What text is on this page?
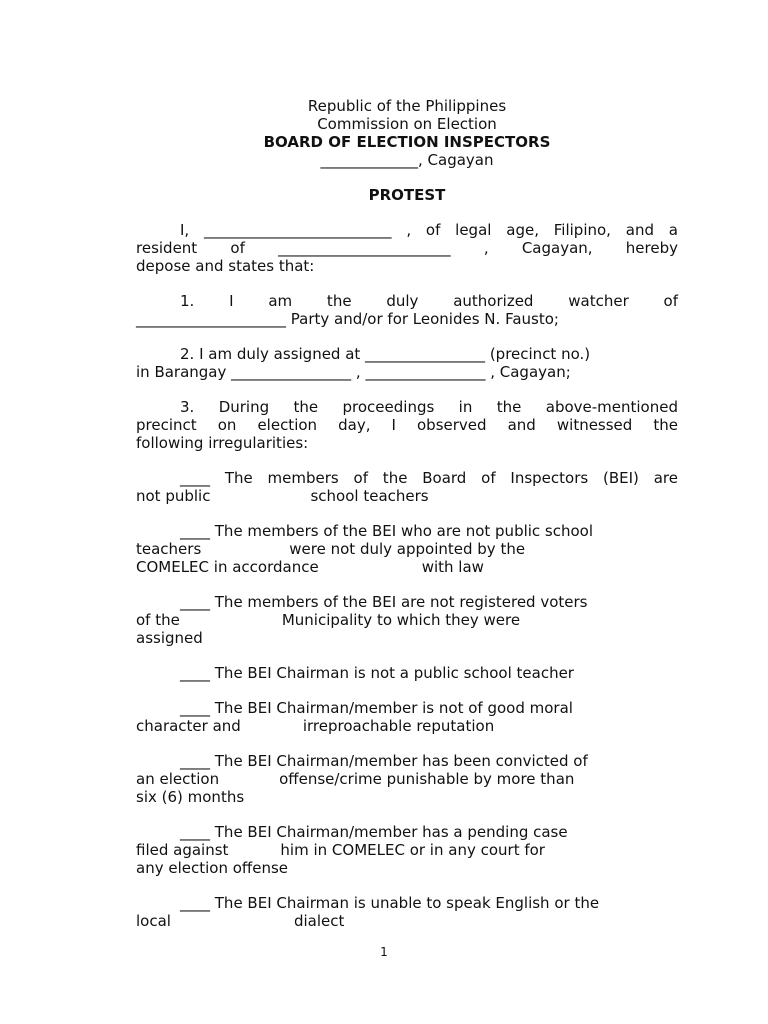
Republic of the Philippines

Commission on Election

BOARD OF ELECTION INSPECTORS

_____________, Cagayan

PROTEST

I, _________________________ , of legal age, Filipino, and a

resident of _______________________ , Cagayan, hereby

depose and states that:

1. I am the duly authorized watcher of

____________________ Party and/or for Leonides N. Fausto;

2. I am duly assigned at ________________ (precinct no.)

in Barangay ________________ , ________________ , Cagayan;

3. During the proceedings in the above-mentioned

precinct on election day, I observed and witnessed the

following irregularities:

____ The members of the Board of Inspectors (BEI) are

not public	school teachers

____ The members of the BEI who are not public school

teachers	were not duly appointed by the

COMELEC in accordance	with law

____ The members of the BEI are not registered voters

of the	Municipality to which they were

assigned

____ The BEI Chairman is not a public school teacher

____ The BEI Chairman/member is not of good moral

character and	irreproachable reputation

____ The BEI Chairman/member has been convicted of

an election	offense/crime punishable by more than

six (6) months

____ The BEI Chairman/member has a pending case

filed against	him in COMELEC or in any court for

any election offense

____ The BEI Chairman is unable to speak English or the

local	dialect

1
